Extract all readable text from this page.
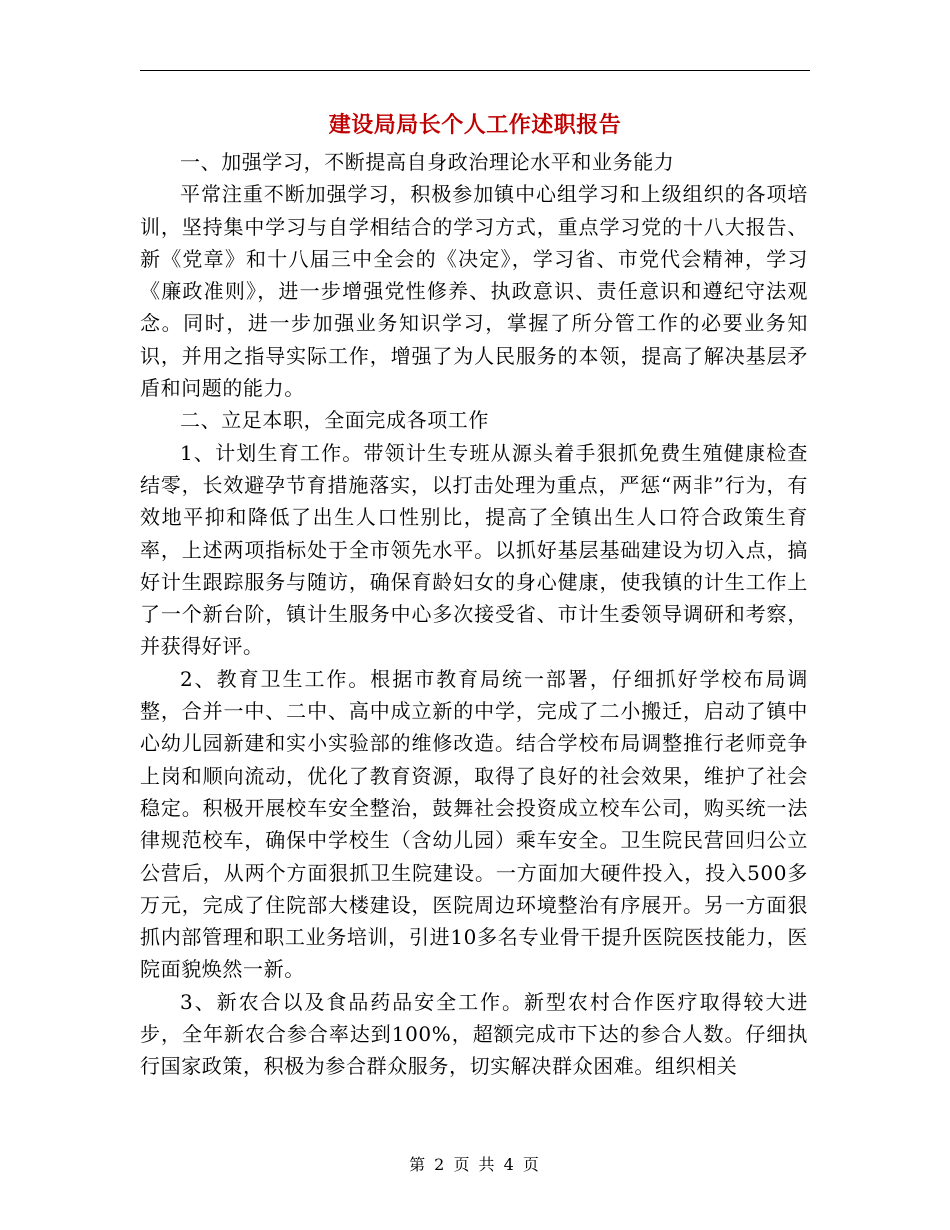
建设局局长个人工作述职报告

一、加强学习，不断提高自身政治理论水平和业务能力

平常注重不断加强学习，积极参加镇中心组学习和上级组织的各项培训，坚持集中学习与自学相结合的学习方式，重点学习党的十八大报告、新《党章》和十八届三中全会的《决定》，学习省、市党代会精神，学习《廉政准则》，进一步增强党性修养、执政意识、责任意识和遵纪守法观念。同时，进一步加强业务知识学习，掌握了所分管工作的必要业务知识，并用之指导实际工作，增强了为人民服务的本领，提高了解决基层矛盾和问题的能力。

二、立足本职，全面完成各项工作

1、计划生育工作。带领计生专班从源头着手狠抓免费生殖健康检查结零，长效避孕节育措施落实，以打击处理为重点，严惩“两非”行为，有效地平抑和降低了出生人口性别比，提高了全镇出生人口符合政策生育率，上述两项指标处于全市领先水平。以抓好基层基础建设为切入点，搞好计生跟踪服务与随访，确保育龄妇女的身心健康，使我镇的计生工作上了一个新台阶，镇计生服务中心多次接受省、市计生委领导调研和考察，并获得好评。

2、教育卫生工作。根据市教育局统一部署，仔细抓好学校布局调整，合并一中、二中、高中成立新的中学，完成了二小搬迁，启动了镇中心幼儿园新建和实小实验部的维修改造。结合学校布局调整推行老师竞争上岗和顺向流动，优化了教育资源，取得了良好的社会效果，维护了社会稳定。积极开展校车安全整治，鼓舞社会投资成立校车公司，购买统一法律规范校车，确保中学校生（含幼儿园）乘车安全。卫生院民营回归公立公营后，从两个方面狠抓卫生院建设。一方面加大硬件投入，投入500多万元，完成了住院部大楼建设，医院周边环境整治有序展开。另一方面狠抓内部管理和职工业务培训，引进10多名专业骨干提升医院医技能力，医院面貌焕然一新。

3、新农合以及食品药品安全工作。新型农村合作医疗取得较大进步，全年新农合参合率达到100%，超额完成市下达的参合人数。仔细执行国家政策，积极为参合群众服务，切实解决群众困难。组织相关

第 2 页 共 4 页
